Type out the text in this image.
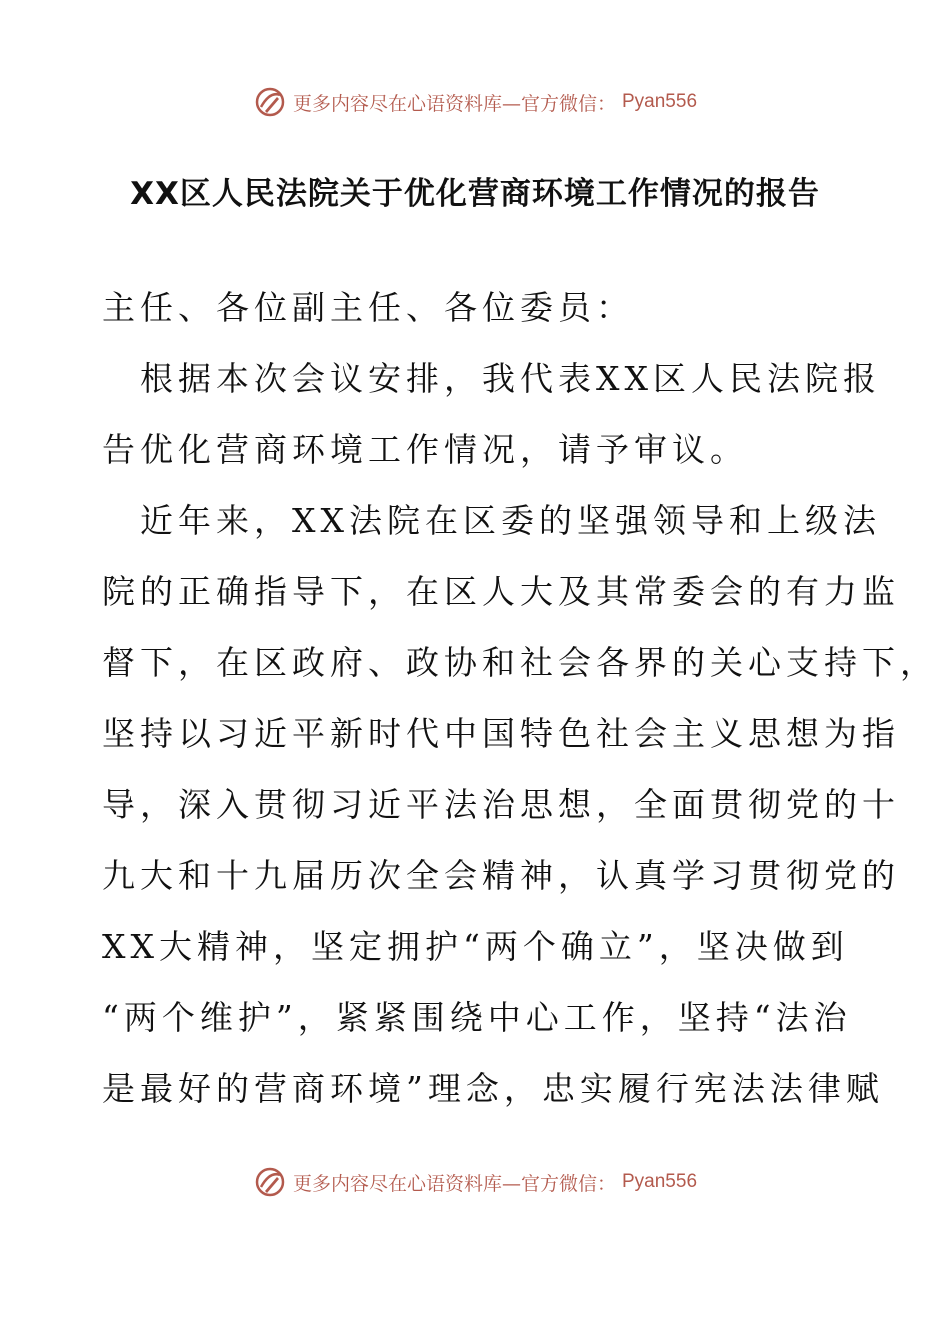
更多内容尽在心语资料库—官方微信： Pyan556
XX区人民法院关于优化营商环境工作情况的报告
主任、各位副主任、各位委员：
　根据本次会议安排，我代表XX区人民法院报
告优化营商环境工作情况，请予审议。
　近年来，XX法院在区委的坚强领导和上级法
院的正确指导下，在区人大及其常委会的有力监
督下，在区政府、政协和社会各界的关心支持下，
坚持以习近平新时代中国特色社会主义思想为指
导，深入贯彻习近平法治思想，全面贯彻党的十
九大和十九届历次全会精神，认真学习贯彻党的
XX大精神，坚定拥护“两个确立”，坚决做到
“两个维护”，紧紧围绕中心工作，坚持“法治
是最好的营商环境”理念，忠实履行宪法法律赋
更多内容尽在心语资料库—官方微信： Pyan556
